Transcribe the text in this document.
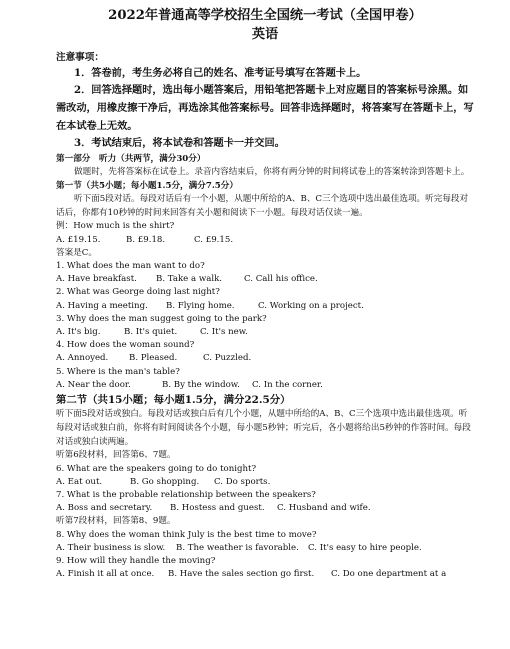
2022年普通高等学校招生全国统一考试（全国甲卷）
英语
注意事项：
1．答卷前，考生务必将自己的姓名、准考证号填写在答题卡上。
2．回答选择题时，选出每小题答案后，用铅笔把答题卡上对应题目的答案标号涂黑。如需改动，用橡皮擦干净后，再选涂其他答案标号。回答非选择题时，将答案写在答题卡上，写在本试卷上无效。
3．考试结束后，将本试卷和答题卡一并交回。
第一部分　听力（共两节，满分30分）
做题时，先将答案标在试卷上。录音内容结束后，你将有两分钟的时间将试卷上的答案转涂到答题卡上。
第一节（共5小题；每小题1.5分，满分7.5分）
听下面5段对话。每段对话后有一个小题，从题中所给的A、B、C三个选项中选出最佳选项。听完每段对话后，你都有10秒钟的时间来回答有关小题和阅读下一小题。每段对话仅读一遍。
例：How much is the shirt?
A. £19.15.	B. £9.18.	C. £9.15.
答案是C。
1. What does the man want to do?
A. Have breakfast.	B. Take a walk.	C. Call his office.
2. What was George doing last night?
A. Having a meeting.	B. Flying home.	C. Working on a project.
3. Why does the man suggest going to the park?
A. It's big.	B. It's quiet.	C. It's new.
4. How does the woman sound?
A. Annoyed.	B. Pleased.	C. Puzzled.
5. Where is the man's table?
A. Near the door.	B. By the window.	C. In the corner.
第二节（共15小题；每小题1.5分，满分22.5分）
听下面5段对话或独白。每段对话或独白后有几个小题，从题中所给的A、B、C三个选项中选出最佳选项。听每段对话或独白前，你将有时间阅读各个小题，每小题5秒钟；听完后，各小题将给出5秒钟的作答时间。每段对话或独白读两遍。
听第6段材料，回答第6、7题。
6. What are the speakers going to do tonight?
A. Eat out.	B. Go shopping.	C. Do sports.
7. What is the probable relationship between the speakers?
A. Boss and secretary.	B. Hostess and guest.	C. Husband and wife.
听第7段材料，回答第8、9题。
8. Why does the woman think July is the best time to move?
A. Their business is slow.	B. The weather is favorable.	C. It's easy to hire people.
9. How will they handle the moving?
A. Finish it all at once.	B. Have the sales section go first.	C. Do one department at a
